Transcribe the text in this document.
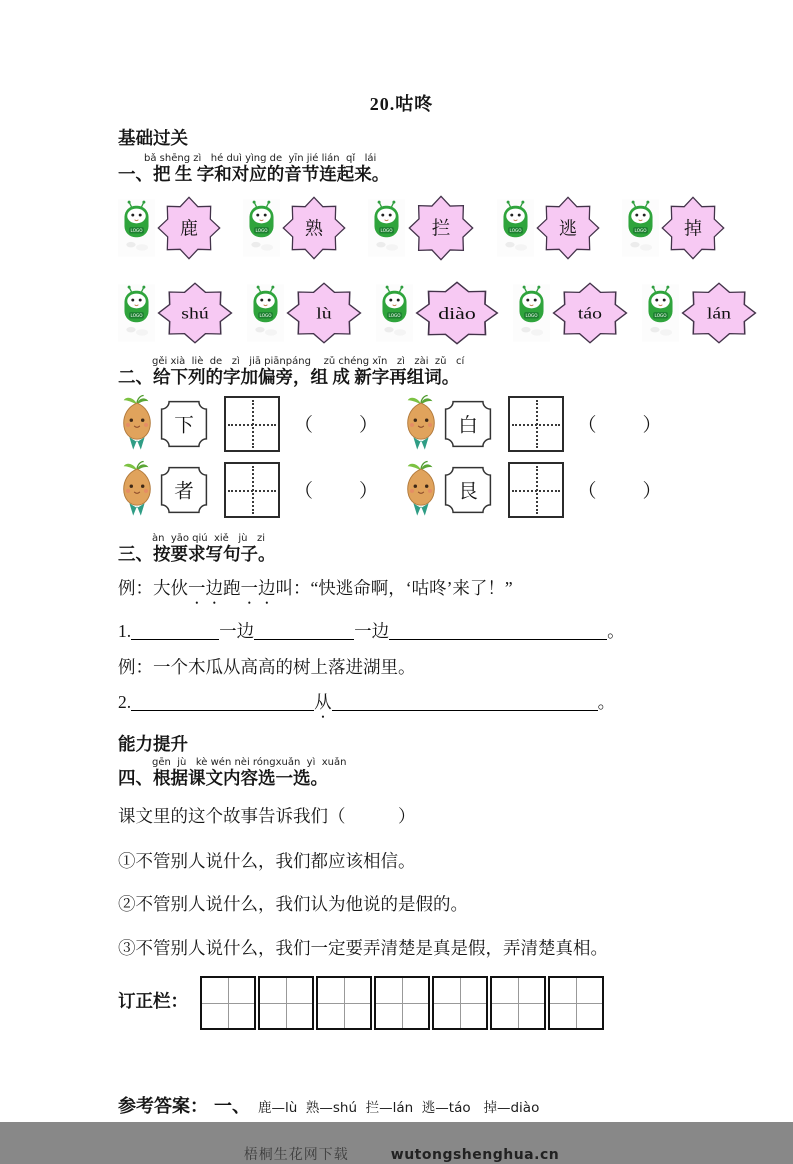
20.咕咚
基础过关
bǎ shēng zì   hé duì yìng de  yīn jié lián  qǐ   lái
一、把 生 字和对应的音节连起来。
LOGO 鹿	LOGO 熟	LOGO 拦	LOGO 逃	LOGO 掉
LOGO shú	LOGO lù	LOGO diào	LOGO táo	LOGO lán
gěi xià  liè  de   zì   jiā piānpáng    zǔ chéng xīn   zì   zài  zǔ   cí
二、给下列的字加偏旁，组 成 新字再组词。
下	（ ）	白	（ ）
者	（ ）	艮	（ ）
àn  yāo qiú  xiě   jù   zi
三、按要求写句子。
例：大伙一边跑一边叫：“快逃命啊，‘咕咚’来了！”
1.	一边	一边	。
例：一个木瓜从高高的树上落进湖里。
2.	从	。
能力提升
gēn  jù   kè wén nèi róngxuǎn  yì  xuǎn
四、根据课文内容选一选。
课文里的这个故事告诉我们（　　　）
①不管别人说什么，我们都应该相信。
②不管别人说什么，我们认为他说的是假的。
③不管别人说什么，我们一定要弄清楚是真是假，弄清楚真相。
订正栏：
参考答案： 一、 鹿—lù  熟—shú  拦—lán  逃—táo   掉—diào
梧桐生花网下载	wutongshenghua.cn
